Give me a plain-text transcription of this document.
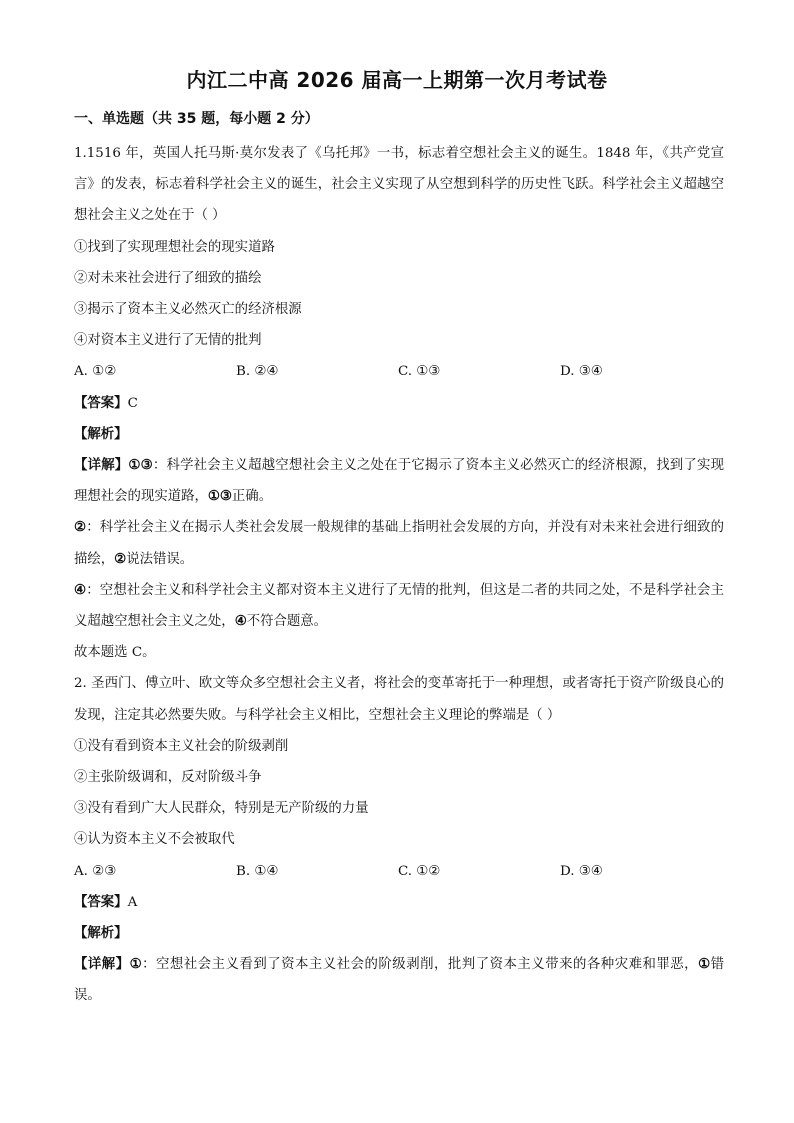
内江二中高 2026 届高一上期第一次月考试卷
一、单选题（共 35 题，每小题 2 分）

1.1516 年，英国人托马斯·莫尔发表了《乌托邦》一书，标志着空想社会主义的诞生。1848 年，《共产党宣言》的发表，标志着科学社会主义的诞生，社会主义实现了从空想到科学的历史性飞跃。科学社会主义超越空想社会主义之处在于（ ）

①找到了实现理想社会的现实道路

②对未来社会进行了细致的描绘

③揭示了资本主义必然灭亡的经济根源

④对资本主义进行了无情的批判

A. ①②	B. ②④	C. ①③	D. ③④

【答案】C

【解析】

【详解】①③：科学社会主义超越空想社会主义之处在于它揭示了资本主义必然灭亡的经济根源，找到了实现理想社会的现实道路，①③正确。

②：科学社会主义在揭示人类社会发展一般规律的基础上指明社会发展的方向，并没有对未来社会进行细致的描绘，②说法错误。

④：空想社会主义和科学社会主义都对资本主义进行了无情的批判，但这是二者的共同之处，不是科学社会主义超越空想社会主义之处，④不符合题意。

故本题选 C。

2. 圣西门、傅立叶、欧文等众多空想社会主义者，将社会的变革寄托于一种理想，或者寄托于资产阶级良心的发现，注定其必然要失败。与科学社会主义相比，空想社会主义理论的弊端是（ ）

①没有看到资本主义社会的阶级剥削

②主张阶级调和，反对阶级斗争

③没有看到广大人民群众，特别是无产阶级的力量

④认为资本主义不会被取代

A. ②③	B. ①④	C. ①②	D. ③④

【答案】A

【解析】

【详解】①：空想社会主义看到了资本主义社会的阶级剥削，批判了资本主义带来的各种灾难和罪恶，①错误。
